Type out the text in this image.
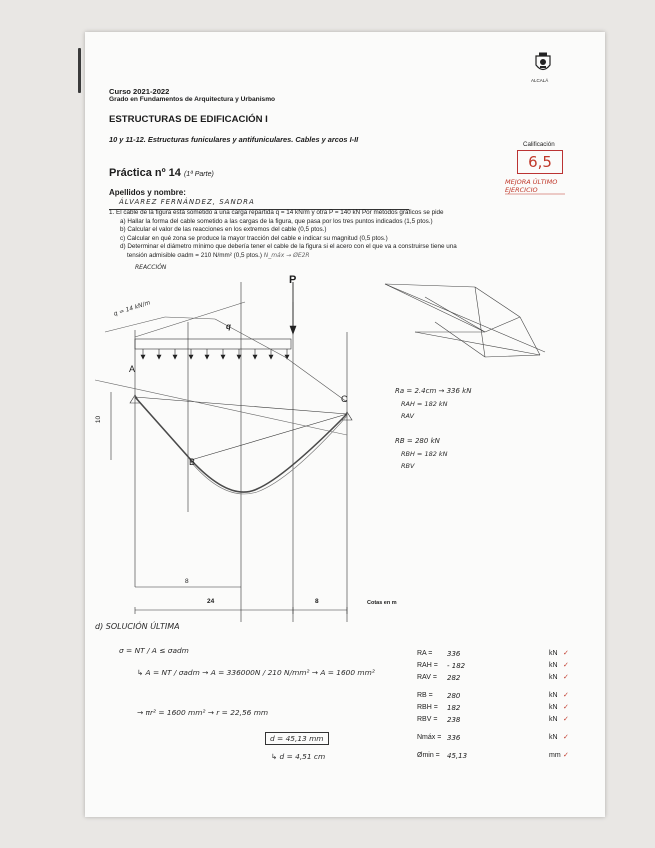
ALCALÁ
Curso 2021-2022
Grado en Fundamentos de Arquitectura y Urbanismo
ESTRUCTURAS DE EDIFICACIÓN I
10 y 11-12. Estructuras funiculares y antifuniculares. Cables y arcos I-II
Calificación
6,5
MEJORA ÚLTIMO EJERCICIO
Práctica nº 14 (1ª Parte)
Apellidos y nombre:
ÁLVAREZ FERNÁNDEZ, SANDRA
1. El cable de la figura está sometido a una carga repartida q = 14 kN/m y otra P = 140 kN Por métodos gráficos se pide
a) Hallar la forma del cable sometido a las cargas de la figura, que pasa por los tres puntos indicados (1,5 ptos.)
b) Calcular el valor de las reacciones en los extremos del cable (0,5 ptos.)
c) Calcular en qué zona se produce la mayor tracción del cable e indicar su magnitud (0,5 ptos.)
d) Determinar el diámetro mínimo que debería tener el cable de la figura si el acero con el que va a construirse tiene una
tensión admisible σadm = 210 N/mm² (0,5 ptos.) N_máx → ØE2R
P
q
A
B
C
10
8
24	8	Cotas en m
q = 14 kN/m
REACCIÓN
Ra = 2.4cm → 336 kN
RAH = 182 kN
RAV
RB = 280 kN
RBH = 182 kN
RBV
d) SOLUCIÓN ÚLTIMA
σ = NT / A ≤ σadm
↳ A = NT / σadm → A = 336000N / 210 N/mm² → A = 1600 mm²
→ πr² = 1600 mm² → r = 22,56 mm
d = 45,13 mm
↳ d = 4,51 cm
RA = 336	kN ✓
RAH = - 182	kN ✓
RAV = 282	kN ✓
RB = 280	kN ✓
RBH = 182	kN ✓
RBV = 238	kN ✓
Nmáx = 336	kN ✓
Ømin = 45,13	mm ✓
